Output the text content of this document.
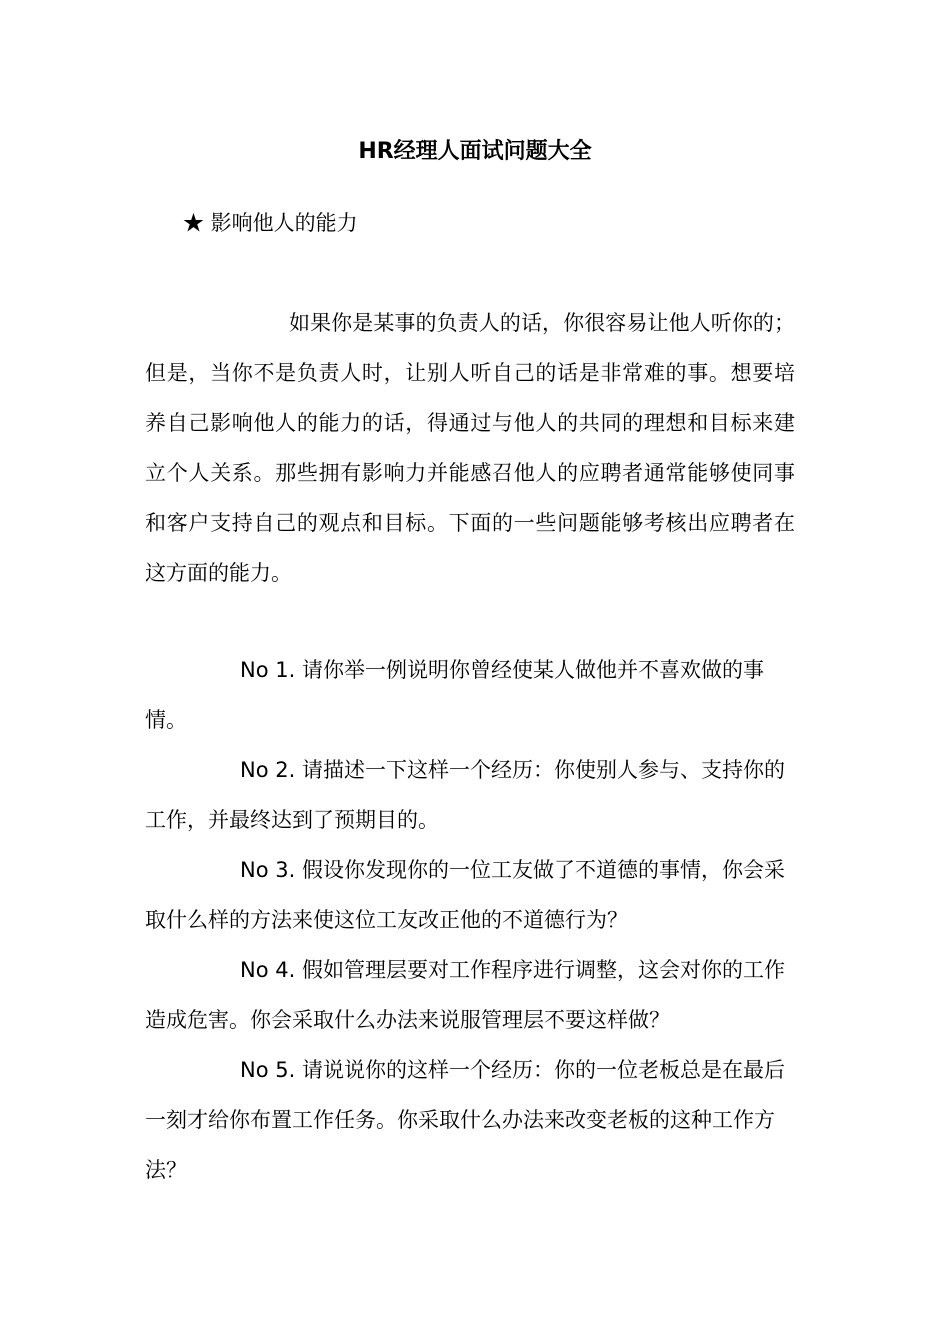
HR经理人面试问题大全
★ 影响他人的能力
如果你是某事的负责人的话，你很容易让他人听你的；但是，当你不是负责人时，让别人听自己的话是非常难的事。想要培养自己影响他人的能力的话，得通过与他人的共同的理想和目标来建立个人关系。那些拥有影响力并能感召他人的应聘者通常能够使同事和客户支持自己的观点和目标。下面的一些问题能够考核出应聘者在这方面的能力。

No 1. 请你举一例说明你曾经使某人做他并不喜欢做的事情。

No 2. 请描述一下这样一个经历：你使别人参与、支持你的工作，并最终达到了预期目的。

No 3. 假设你发现你的一位工友做了不道德的事情，你会采取什么样的方法来使这位工友改正他的不道德行为？

No 4. 假如管理层要对工作程序进行调整，这会对你的工作造成危害。你会采取什么办法来说服管理层不要这样做？

No 5. 请说说你的这样一个经历：你的一位老板总是在最后一刻才给你布置工作任务。你采取什么办法来改变老板的这种工作方法？
